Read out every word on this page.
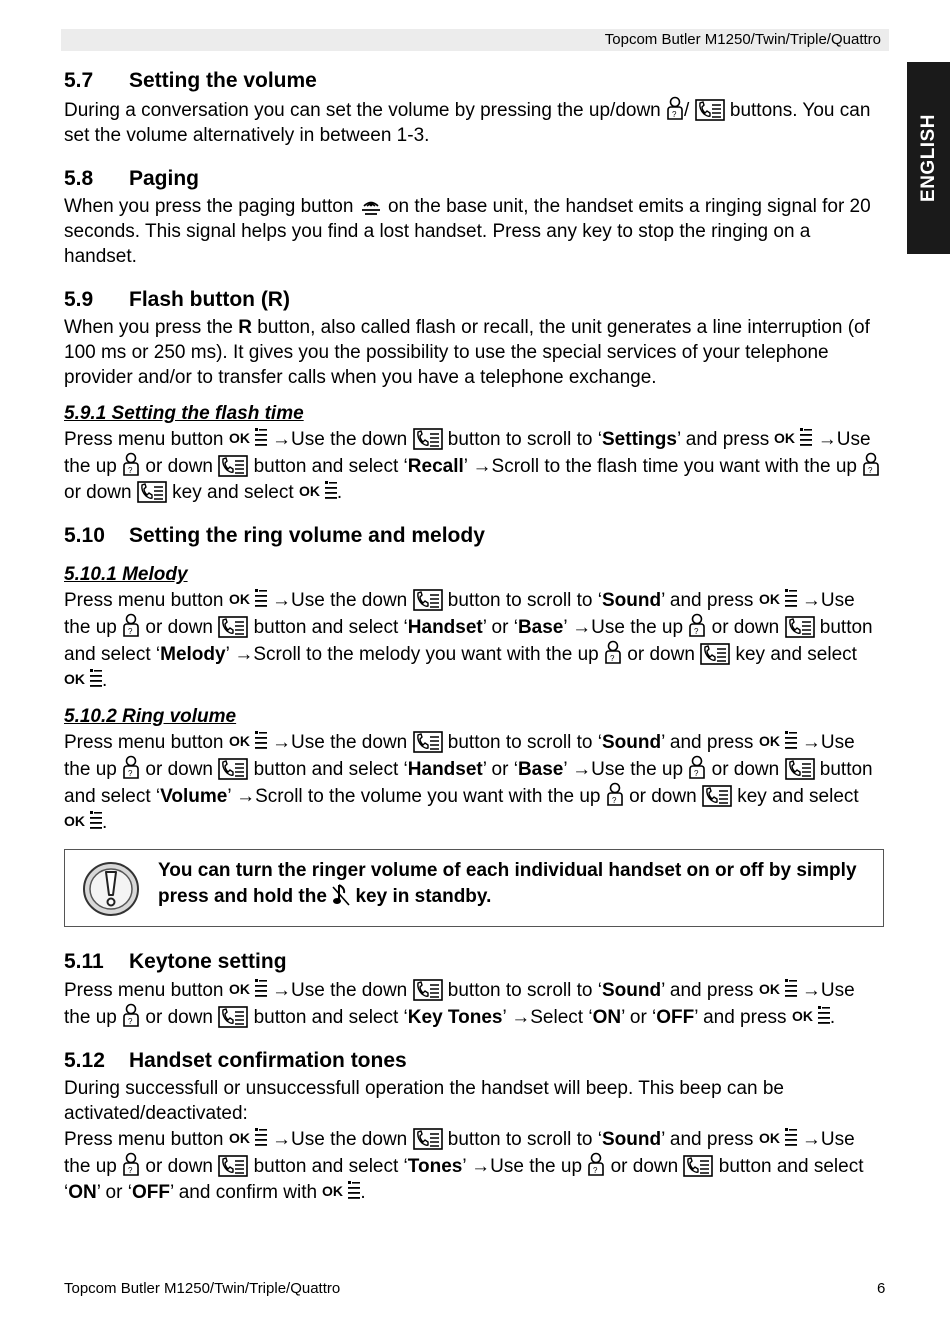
Topcom Butler M1250/Twin/Triple/Quattro
ENGLISH
5.7	Setting the volume

During a conversation you can set the volume by pressing the up/down ? / buttons. You can set the volume alternatively in between 1-3.

5.8	Paging

When you press the paging button on the base unit, the handset emits a ringing signal for 20 seconds. This signal helps you find a lost handset. Press any key to stop the ringing on a handset.

5.9	Flash button (R)

When you press the R button, also called flash or recall, the unit generates a line interruption (of 100 ms or 250 ms). It gives you the possibility to use the special services of your telephone provider and/or to transfer calls when you have a telephone exchange.

5.9.1 Setting the flash time

Press menu button OK →Use the down button to scroll to ‘Settings’ and press OK →Use the up ? or down button and select ‘Recall’ →Scroll to the flash time you want with the up ?
or down key and select OK .

5.10	Setting the ring volume and melody
5.10.1 Melody

Press menu button OK →Use the down button to scroll to ‘Sound’ and press OK →Use the up ? or down button and select ‘Handset’ or ‘Base’ →Use the up ? or down button and select ‘Melody’ →Scroll to the melody you want with the up ? or down key and select
OK .

5.10.2 Ring volume

Press menu button OK →Use the down button to scroll to ‘Sound’ and press OK →Use the up ? or down button and select ‘Handset’ or ‘Base’ →Use the up ? or down button and select ‘Volume’ →Scroll to the volume you want with the up ? or down key and select
OK .

You can turn the ringer volume of each individual handset on or off by simply press and hold the key in standby.
5.11	Keytone setting

Press menu button OK →Use the down button to scroll to ‘Sound’ and press OK →Use the up ? or down button and select ‘Key Tones’ →Select ‘ON’ or ‘OFF’ and press OK .

5.12	Handset confirmation tones

During successfull or unsuccessfull operation the handset will beep. This beep can be activated/deactivated:

Press menu button OK →Use the down button to scroll to ‘Sound’ and press OK →Use the up ? or down button and select ‘Tones’ →Use the up ? or down button and select ‘ON’ or ‘OFF’ and confirm with OK .

Topcom Butler M1250/Twin/Triple/Quattro	6
